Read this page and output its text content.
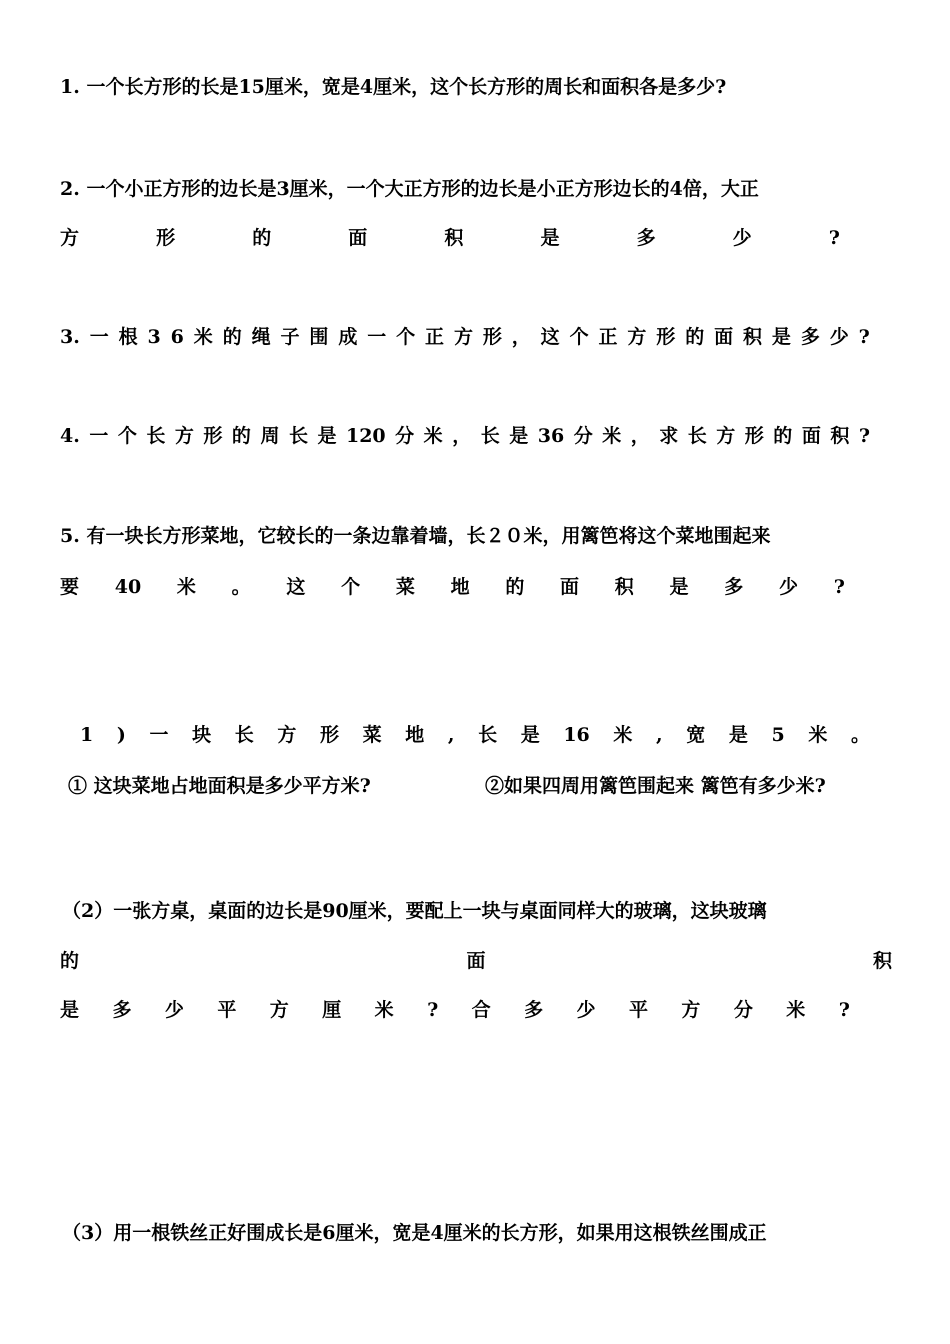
1. 一个长方形的长是15厘米，宽是4厘米，这个长方形的周长和面积各是多少?
2. 一个小正方形的边长是3厘米，一个大正方形的边长是小正方形边长的4倍，大正
方	形	的	面	积	是	多	少	?
3. 一 根 3 6 米 的 绳 子 围 成 一 个 正 方 形 ， 这 个 正 方 形 的 面 积 是 多 少 ?
4. 一 个 长 方 形 的 周 长 是 120 分 米 ， 长 是 36 分 米 ， 求 长 方 形 的 面 积 ?
5. 有一块长方形菜地，它较长的一条边靠着墙，长２０米，用篱笆将这个菜地围起来
要 40 米 。 这 个 菜 地 的 面 积 是 多 少 ?
1 ) 一 块 长 方 形 菜 地 , 长 是 16 米 , 宽 是 5 米 。
① 这块菜地占地面积是多少平方米?	②如果四周用篱笆围起来 篱笆有多少米?
（2）一张方桌，桌面的边长是90厘米，要配上一块与桌面同样大的玻璃，这块玻璃
的	面	积
是 多 少 平 方 厘 米 ? 合 多 少 平 方 分 米 ?
（3）用一根铁丝正好围成长是6厘米，宽是4厘米的长方形，如果用这根铁丝围成正
